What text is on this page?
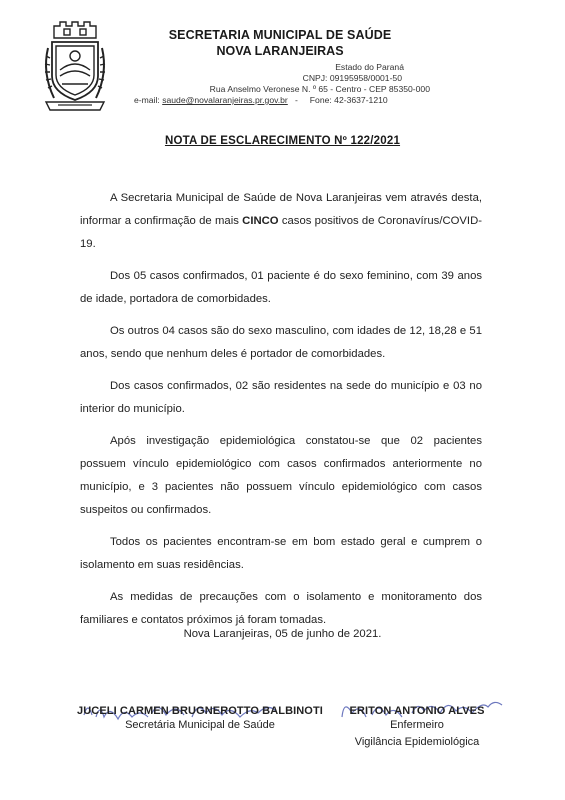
SECRETARIA MUNICIPAL DE SAÚDE
NOVA LARANJEIRAS
Estado do Paraná
CNPJ: 09195958/0001-50
Rua Anselmo Veronese N. º 65 - Centro - CEP 85350-000
e-mail: saude@novalaranjeiras.pr.gov.br - Fone: 42-3637-1210
NOTA DE ESCLARECIMENTO Nº 122/2021

A Secretaria Municipal de Saúde de Nova Laranjeiras vem através desta, informar a confirmação de mais CINCO casos positivos de Coronavírus/COVID-19.

Dos 05 casos confirmados, 01 paciente é do sexo feminino, com 39 anos de idade, portadora de comorbidades.

Os outros 04 casos são do sexo masculino, com idades de 12, 18,28 e 51 anos, sendo que nenhum deles é portador de comorbidades.

Dos casos confirmados, 02 são residentes na sede do município e 03 no interior do município.

Após investigação epidemiológica constatou-se que 02 pacientes possuem vínculo epidemiológico com casos confirmados anteriormente no município, e 3 pacientes não possuem vínculo epidemiológico com casos suspeitos ou confirmados.

Todos os pacientes encontram-se em bom estado geral e cumprem o isolamento em suas residências.

As medidas de precauções com o isolamento e monitoramento dos familiares e contatos próximos já foram tomadas.

Nova Laranjeiras, 05 de junho de 2021.
JUCELI CARMEN BRUGNEROTTO BALBINOTI
Secretária Municipal de Saúde
ERITON ANTONIO ALVES
Enfermeiro
Vigilância Epidemiológica
